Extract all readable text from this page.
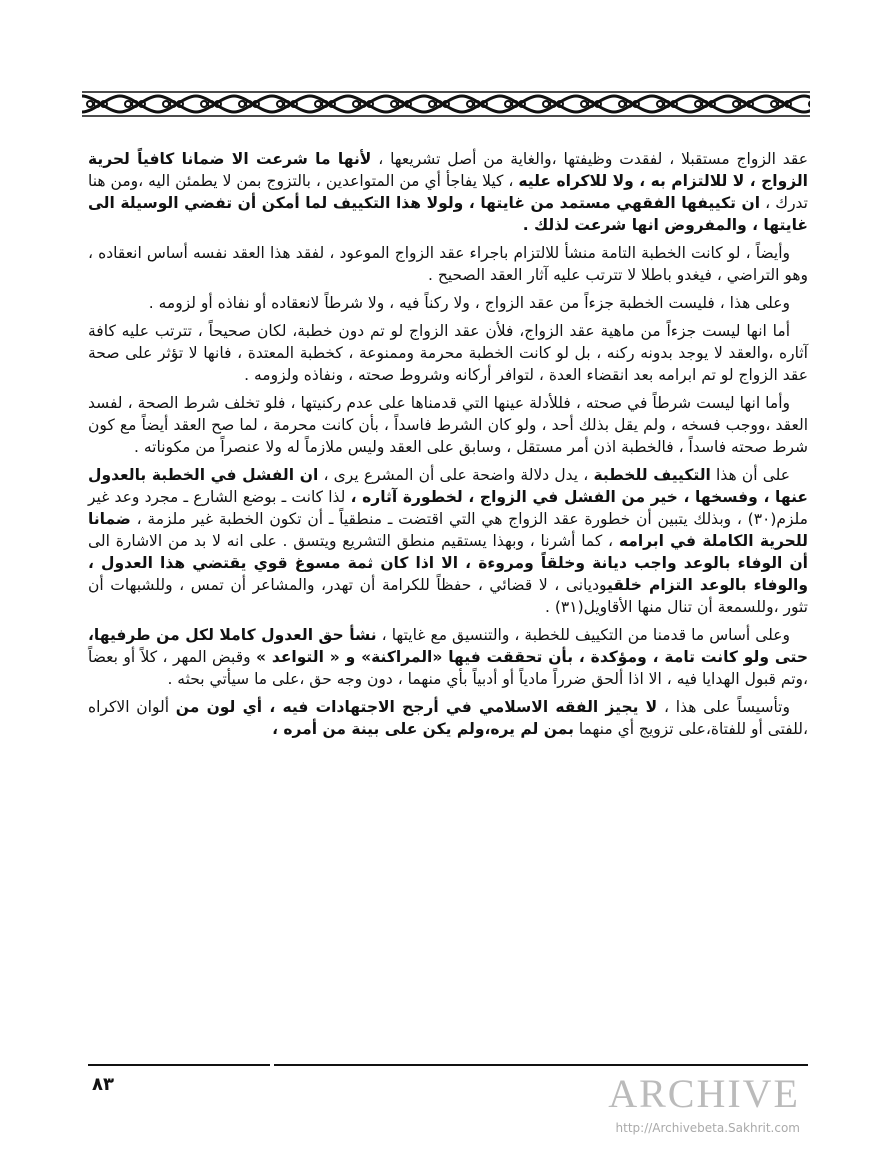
عقد الزواج مستقبلا ، لفقدت وظيفتها ،والغاية من أصل تشريعها ، لأنها ما شرعت الا ضمانا كافياً لحرية الزواج ، لا للالتزام به ، ولا للاكراه عليه ، كيلا يفاجأ أي من المتواعدين ، بالتزوج بمن لا يطمئن اليه ،ومن هنا تدرك ، ان تكييفها الفقهي مستمد من غايتها ، ولولا هذا التكييف لما أمكن أن تفضي الوسيلة الى غايتها ، والمفروض انها شرعت لذلك .

وأيضاً ، لو كانت الخطبة التامة منشأ للالتزام باجراء عقد الزواج الموعود ، لفقد هذا العقد نفسه أساس انعقاده ، وهو التراضي ، فيغدو باطلا لا تترتب عليه آثار العقد الصحيح .

وعلى هذا ، فليست الخطبة جزءاً من عقد الزواج ، ولا ركناً فيه ، ولا شرطاً لانعقاده أو نفاذه أو لزومه .

أما انها ليست جزءاً من ماهية عقد الزواج، فلأن عقد الزواج لو تم دون خطبة، لكان صحيحاً ، تترتب عليه كافة آثاره ،والعقد لا يوجد بدونه ركنه ، بل لو كانت الخطبة محرمة وممنوعة ، كخطبة المعتدة ، فانها لا تؤثر على صحة عقد الزواج لو تم ابرامه بعد انقضاء العدة ، لتوافر أركانه وشروط صحته ، ونفاذه ولزومه .

وأما انها ليست شرطاً في صحته ، فللأدلة عينها التي قدمناها على عدم ركنيتها ، فلو تخلف شرط الصحة ، لفسد العقد ،ووجب فسخه ، ولم يقل بذلك أحد ، ولو كان الشرط فاسداً ، بأن كانت محرمة ، لما صح العقد أيضاً مع كون شرط صحته فاسداً ، فالخطبة اذن أمر مستقل ، وسابق على العقد وليس ملازماً له ولا عنصراً من مكوناته .

على أن هذا التكييف للخطبة ، يدل دلالة واضحة على أن المشرع يرى ، ان الفشل في الخطبة بالعدول عنها ، وفسخها ، خير من الفشل في الزواج ، لخطورة آثاره ، لذا كانت ـ بوضع الشارع ـ مجرد وعد غير ملزم(٣٠) ، وبذلك يتبين أن خطورة عقد الزواج هي التي اقتضت ـ منطقياً ـ أن تكون الخطبة غير ملزمة ، ضمانا للحرية الكاملة في ابرامه ، كما أشرنا ، وبهذا يستقيم منطق التشريع ويتسق . على انه لا بد من الاشارة الى أن الوفاء بالوعد واجب ديانة وخلقاً ومروءة ، الا اذا كان ثمة مسوغ قوي يقتضي هذا العدول ، والوفاء بالوعد التزام خلقيوديانى ، لا قضائي ، حفظاً للكرامة أن تهدر، والمشاعر أن تمس ، وللشبهات أن تثور ،وللسمعة أن تنال منها الأقاويل(٣١) .

وعلى أساس ما قدمنا من التكييف للخطبة ، والتنسيق مع غايتها ، نشأ حق العدول كاملا لكل من طرفيها، حتى ولو كانت تامة ، ومؤكدة ، بأن تحققت فيها «المراكنة» و « التواعد » وقبض المهر ، كلاً أو بعضاً ،وتم قبول الهدايا فيه ، الا اذا ألحق ضرراً مادياً أو أدبياً بأي منهما ، دون وجه حق ،على ما سيأتي بحثه .

وتأسيساً على هذا ، لا يجيز الفقه الاسلامي في أرجح الاجتهادات فيه ، أي لون من ألوان الاكراه ،للفتى أو للفتاة،على تزويج أي منهما بمن لم يره،ولم يكن على بينة من أمره ،

٨٣	ARCHIVE
http://Archivebeta.Sakhrit.com
